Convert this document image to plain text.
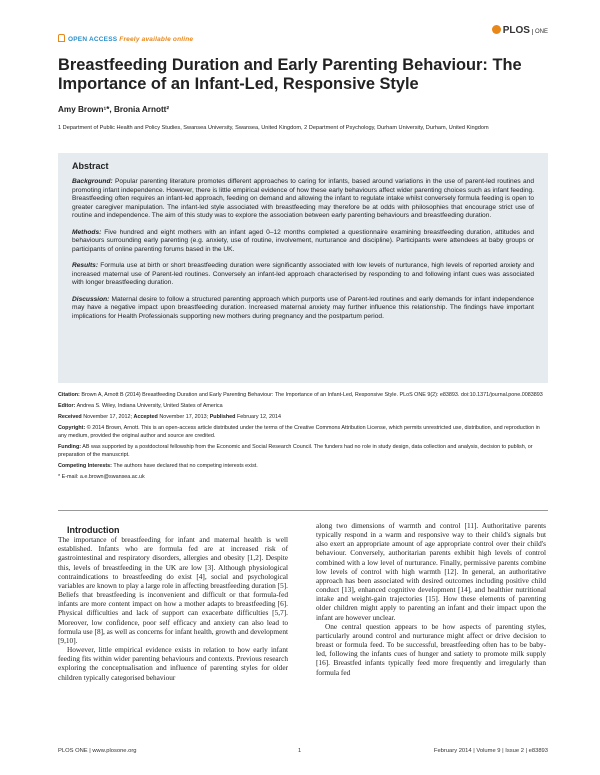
OPEN ACCESS Freely available online
PLOS ONE
Breastfeeding Duration and Early Parenting Behaviour: The Importance of an Infant-Led, Responsive Style
Amy Brown¹*, Bronia Arnott²
1 Department of Public Health and Policy Studies, Swansea University, Swansea, United Kingdom, 2 Department of Psychology, Durham University, Durham, United Kingdom
Abstract

Background: Popular parenting literature promotes different approaches to caring for infants, based around variations in the use of parent-led routines and promoting infant independence. However, there is little empirical evidence of how these early behaviours affect wider parenting choices such as infant feeding. Breastfeeding often requires an infant-led approach, feeding on demand and allowing the infant to regulate intake whilst conversely formula feeding is open to greater caregiver manipulation. The infant-led style associated with breastfeeding may therefore be at odds with philosophies that encourage strict use of routine and independence. The aim of this study was to explore the association between early parenting behaviours and breastfeeding duration.

Methods: Five hundred and eight mothers with an infant aged 0–12 months completed a questionnaire examining breastfeeding duration, attitudes and behaviours surrounding early parenting (e.g. anxiety, use of routine, involvement, nurturance and discipline). Participants were attendees at baby groups or participants of online parenting forums based in the UK.

Results: Formula use at birth or short breastfeeding duration were significantly associated with low levels of nurturance, high levels of reported anxiety and increased maternal use of Parent-led routines. Conversely an infant-led approach characterised by responding to and following infant cues was associated with longer breastfeeding duration.

Discussion: Maternal desire to follow a structured parenting approach which purports use of Parent-led routines and early demands for infant independence may have a negative impact upon breastfeeding duration. Increased maternal anxiety may further influence this relationship. The findings have important implications for Health Professionals supporting new mothers during pregnancy and the postpartum period.

Citation: Brown A, Arnott B (2014) Breastfeeding Duration and Early Parenting Behaviour: The Importance of an Infant-Led, Responsive Style. PLoS ONE 9(2): e83893. doi:10.1371/journal.pone.0083893

Editor: Andrea S. Wiley, Indiana University, United States of America

Received November 17, 2012; Accepted November 17, 2013; Published February 12, 2014

Copyright: © 2014 Brown, Arnott. This is an open-access article distributed under the terms of the Creative Commons Attribution License, which permits unrestricted use, distribution, and reproduction in any medium, provided the original author and source are credited.

Funding: AB was supported by a postdoctoral fellowship from the Economic and Social Research Council. The funders had no role in study design, data collection and analysis, decision to publish, or preparation of the manuscript.

Competing Interests: The authors have declared that no competing interests exist.

* E-mail: a.e.brown@swansea.ac.uk

Introduction

The importance of breastfeeding for infant and maternal health is well established. Infants who are formula fed are at increased risk of gastrointestinal and respiratory disorders, allergies and obesity [1,2]. Despite this, levels of breastfeeding in the UK are low [3]. Although physiological contraindications to breastfeeding do exist [4], social and psychological variables are known to play a large role in affecting breastfeeding duration [5]. Beliefs that breastfeeding is inconvenient and difficult or that formula-fed infants are more content impact on how a mother adapts to breastfeeding [6]. Physical difficulties and lack of support can exacerbate difficulties [5,7]. Moreover, low confidence, poor self efficacy and anxiety can also lead to formula use [8], as well as concerns for infant health, growth and development [9,10].

However, little empirical evidence exists in relation to how early infant feeding fits within wider parenting behaviours and contexts. Previous research exploring the conceptualisation and influence of parenting styles for older children typically categorised behaviour

along two dimensions of warmth and control [11]. Authoritative parents typically respond in a warm and responsive way to their child's signals but also exert an appropriate amount of age appropriate control over their child's behaviour. Conversely, authoritarian parents exhibit high levels of control combined with a low level of nurturance. Finally, permissive parents combine low levels of control with high warmth [12]. In general, an authoritative approach has been associated with desired outcomes including positive child conduct [13], enhanced cognitive development [14], and healthier nutritional intake and weight-gain trajectories [15]. How these elements of parenting older children might apply to parenting an infant and their impact upon the infant are however unclear.

One central question appears to be how aspects of parenting styles, particularly around control and nurturance might affect or drive decision to breast or formula feed. To be successful, breastfeeding often has to be baby-led, following the infants cues of hunger and satiety to promote milk supply [16]. Breastfed infants typically feed more frequently and irregularly than formula fed

PLOS ONE | www.plosone.org	1	February 2014 | Volume 9 | Issue 2 | e83893
